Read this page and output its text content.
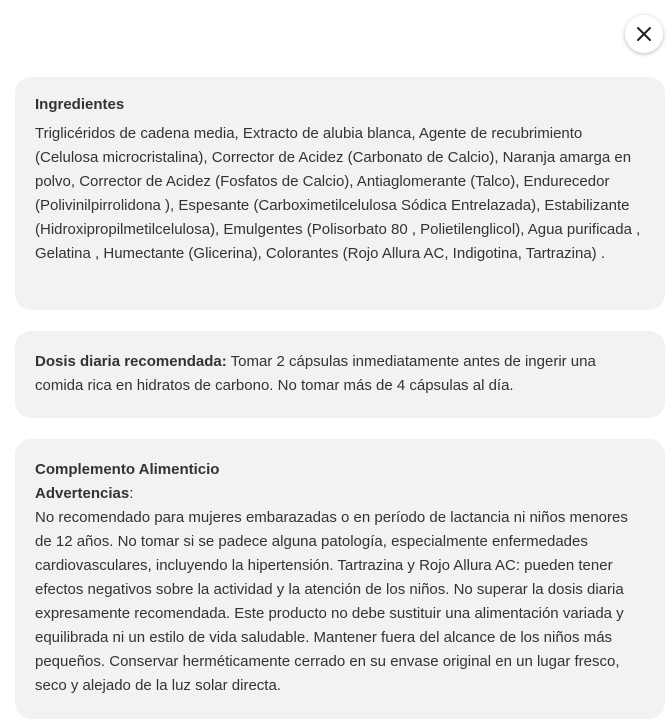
Ingredientes

Triglicéridos de cadena media, Extracto de alubia blanca, Agente de recubrimiento (Celulosa microcristalina), Corrector de Acidez (Carbonato de Calcio), Naranja amarga en polvo, Corrector de Acidez (Fosfatos de Calcio), Antiaglomerante (Talco), Endurecedor (Polivinilpirrolidona ), Espesante (Carboximetilcelulosa Sódica Entrelazada), Estabilizante (Hidroxipropilmetilcelulosa), Emulgentes (Polisorbato 80 , Polietilenglicol), Agua purificada , Gelatina , Humectante (Glicerina), Colorantes (Rojo Allura AC, Indigotina, Tartrazina) .

Dosis diaria recomendada: Tomar 2 cápsulas inmediatamente antes de ingerir una comida rica en hidratos de carbono. No tomar más de 4 cápsulas al día.

Complemento Alimenticio

Advertencias:

No recomendado para mujeres embarazadas o en período de lactancia ni niños menores de 12 años. No tomar si se padece alguna patología, especialmente enfermedades cardiovasculares, incluyendo la hipertensión. Tartrazina y Rojo Allura AC: pueden tener efectos negativos sobre la actividad y la atención de los niños. No superar la dosis diaria expresamente recomendada. Este producto no debe sustituir una alimentación variada y equilibrada ni un estilo de vida saludable. Mantener fuera del alcance de los niños más pequeños. Conservar herméticamente cerrado en su envase original en un lugar fresco, seco y alejado de la luz solar directa.
